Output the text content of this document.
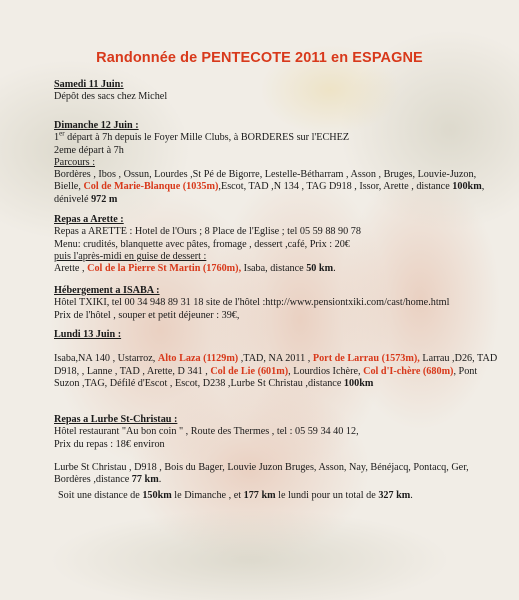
Randonnée de PENTECOTE 2011 en ESPAGNE

Samedi 11 Juin:

Dépôt des sacs chez Michel

Dimanche 12 Juin :

1er départ à 7h depuis le Foyer Mille Clubs, à BORDERES sur l'ECHEZ

2eme départ à 7h

Parcours :

Bordères , Ibos , Ossun, Lourdes ,St Pé de Bigorre, Lestelle-Bétharram , Asson , Bruges, Louvie-Juzon, Bielle, Col de Marie-Blanque (1035m),Escot, TAD ,N 134 , TAG D918 , Issor, Arette , distance 100km, dénivelé 972 m

Repas a Arette :

Repas a ARETTE : Hotel de l'Ours ; 8 Place de l'Eglise ; tel 05 59 88 90 78

Menu: crudités, blanquette avec pâtes, fromage , dessert ,café, Prix : 20€

puis l'après-midi en guise de dessert :

Arette , Col de la Pierre St Martin (1760m), Isaba, distance 50 km.

Hébergement a ISABA :

Hôtel TXIKI, tel 00 34 948 89 31 18 site de l'hôtel :http://www.pensiontxiki.com/cast/home.html

Prix de l'hôtel , souper et petit déjeuner : 39€,

Lundi 13 Juin :

Isaba,NA 140 , Ustarroz, Alto Laza (1129m) ,TAD, NA 2011 , Port de Larrau (1573m), Larrau ,D26, TAD D918, , Lanne , TAD , Arette, D 341 , Col de Lie (601m), Lourdios Ichère, Col d'I-chère (680m), Pont Suzon ,TAG, Défilé d'Escot , Escot, D238 ,Lurbe St Christau ,distance 100km

Repas a Lurbe St-Christau :

Hôtel restaurant "Au bon coin " , Route des Thermes , tel : 05 59 34 40 12,

Prix du repas : 18€ environ

Lurbe St Christau , D918 , Bois du Bager, Louvie Juzon Bruges, Asson, Nay, Bénéjacq, Pontacq, Ger, Bordères ,distance 77 km.

Soit une distance de 150km le Dimanche , et 177 km le lundi pour un total de 327 km.
